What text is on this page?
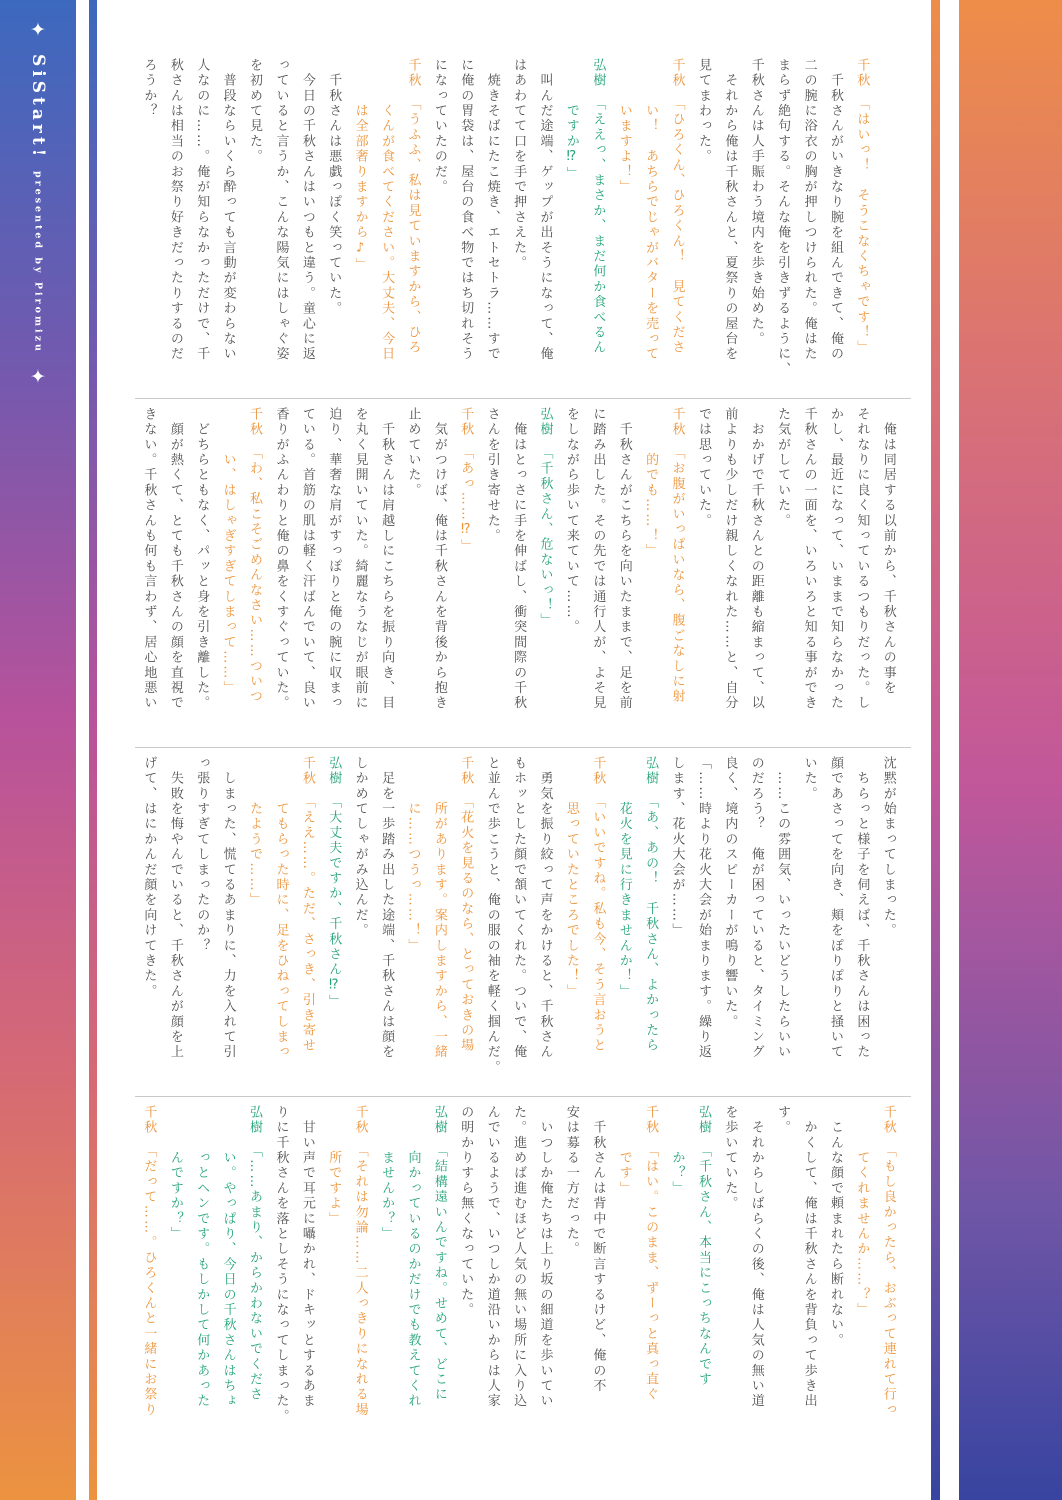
✦
SiStart!
presented by Piromizu
✦
千秋　「はいっ！　そうこなくちゃです！」
　千秋さんがいきなり腕を組んできて、俺の
二の腕に浴衣の胸が押しつけられた。俺はた
まらず絶句する。そんな俺を引きずるように、
千秋さんは人手賑わう境内を歩き始めた。
　それから俺は千秋さんと、夏祭りの屋台を
見てまわった。
千秋　「ひろくん、ひろくん！　見てくださ
　　　い！　あちらでじゃがバターを売って
　　　いますよ！」
弘樹　「ええっ、まさか、まだ何か食べるん
　　　ですか⁉」
　叫んだ途端、ゲップが出そうになって、俺
はあわてて口を手で押さえた。
　焼きそばにたこ焼き、エトセトラ……すで
に俺の胃袋は、屋台の食べ物ではち切れそう
になっていたのだ。
千秋　「うふふ、私は見ていますから、ひろ
　　　くんが食べてください。大丈夫、今日
　　　は全部奢りますから♪」
　千秋さんは悪戯っぽく笑っていた。
　今日の千秋さんはいつもと違う。童心に返
っていると言うか、こんな陽気にはしゃぐ姿
を初めて見た。
　普段ならいくら酔っても言動が変わらない
人なのに……。俺が知らなかっただけで、千
秋さんは相当のお祭り好きだったりするのだ
ろうか？
　俺は同居する以前から、千秋さんの事を
それなりに良く知っているつもりだった。し
かし、最近になって、いままで知らなかった
千秋さんの一面を、いろいろと知る事ができ
た気がしていた。
　おかげで千秋さんとの距離も縮まって、以
前よりも少しだけ親しくなれた……と、自分
では思っていた。
千秋　「お腹がいっぱいなら、腹ごなしに射
　　　的でも……！」
　千秋さんがこちらを向いたままで、足を前
に踏み出した。その先では通行人が、よそ見
をしながら歩いて来ていて……。
弘樹　「千秋さん、危ないっ！」
　俺はとっさに手を伸ばし、衝突間際の千秋
さんを引き寄せた。
千秋　「あっ……⁉」
　気がつけば、俺は千秋さんを背後から抱き
止めていた。
　千秋さんは肩越しにこちらを振り向き、目
を丸く見開いていた。綺麗なうなじが眼前に
迫り、華奢な肩がすっぽりと俺の腕に収まっ
ている。首筋の肌は軽く汗ばんでいて、良い
香りがふんわりと俺の鼻をくすぐっていた。
千秋　「わ、私こそごめんなさい……ついつ
　　　い、はしゃぎすぎてしまって……」
　どちらともなく、パッと身を引き離した。
　顔が熱くて、とても千秋さんの顔を直視で
きない。千秋さんも何も言わず、居心地悪い
沈黙が始まってしまった。
　ちらっと様子を伺えば、千秋さんは困った
顔であさってを向き、頬をぽりぽりと掻いて
いた。
　……この雰囲気、いったいどうしたらいい
のだろう？　俺が困っていると、タイミング
良く、境内のスピーカーが鳴り響いた。
「……時より花火大会が始まります。繰り返
します、花火大会が……」
弘樹　「あ、あの！　千秋さん、よかったら
　　　花火を見に行きませんか！」
千秋　「いいですね。私も今、そう言おうと
　　　思っていたところでした！」
　勇気を振り絞って声をかけると、千秋さん
もホッとした顔で頷いてくれた。ついで、俺
と並んで歩こうと、俺の服の袖を軽く掴んだ。
千秋　「花火を見るのなら、とっておきの場
　　　所があります。案内しますから、一緒
　　　に……つうっ……！」
　足を一歩踏み出した途端、千秋さんは顔を
しかめてしゃがみ込んだ。
弘樹　「大丈夫ですか、千秋さん⁉」
千秋　「ええ……。ただ、さっき、引き寄せ
　　　てもらった時に、足をひねってしまっ
　　　たようで……」
　しまった、慌てるあまりに、力を入れて引
っ張りすぎてしまったのか？
　失敗を悔やんでいると、千秋さんが顔を上
げて、はにかんだ顔を向けてきた。
千秋　「もし良かったら、おぶって連れて行っ
　　　てくれませんか……？」
　こんな顔で頼まれたら断れない。
　かくして、俺は千秋さんを背負って歩き出
す。
　それからしばらくの後、俺は人気の無い道
を歩いていた。
弘樹　「千秋さん、本当にこっちなんです
　　　か？」
千秋　「はい。このまま、ずーっと真っ直ぐ
　　　です」
　千秋さんは背中で断言するけど、俺の不
安は募る一方だった。
　いつしか俺たちは上り坂の細道を歩いてい
た。進めば進むほど人気の無い場所に入り込
んでいるようで、いつしか道沿いからは人家
の明かりすら無くなっていた。
弘樹　「結構遠いんですね。せめて、どこに
　　　向かっているのかだけでも教えてくれ
　　　ませんか？」
千秋　「それは勿論……二人っきりになれる場
　　　所ですよ」
　甘い声で耳元に囁かれ、ドキッとするあま
りに千秋さんを落としそうになってしまった。
弘樹　「……あまり、からかわないでくださ
　　　い。やっぱり、今日の千秋さんはちょ
　　　っとヘンです。もしかして何かあった
　　　んですか？」
千秋　「だって……。ひろくんと一緒にお祭り
